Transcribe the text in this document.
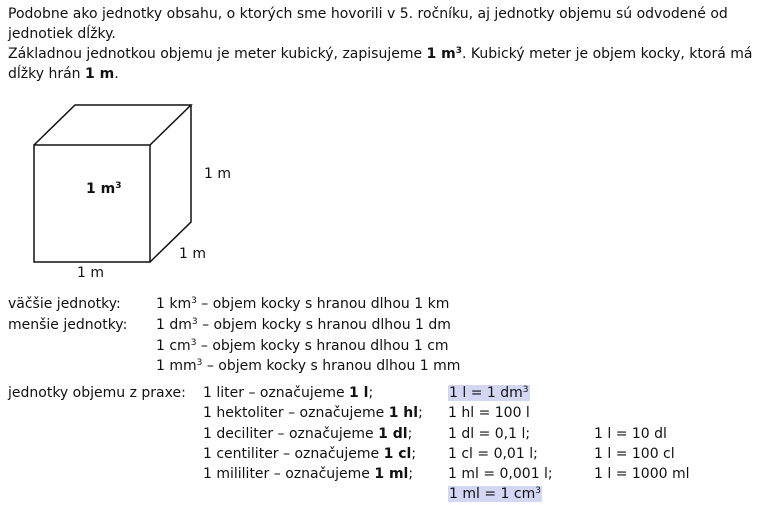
Podobne ako jednotky obsahu, o ktorých sme hovorili v 5. ročníku, aj jednotky objemu sú odvodené od jednotiek dĺžky.

Základnou jednotkou objemu je meter kubický, zapisujeme 1 $m^3$. Kubický meter je objem kocky, ktorá má dĺžky hrán 1 m.

1 $m^3$
1 m
1 m
1 m
väčšie jednotky:	1 $km^3$ – objem kocky s hranou dlhou 1 km
menšie jednotky: 1 $dm^3$ – objem kocky s hranou dlhou 1 dm
1 $cm^3$ – objem kocky s hranou dlhou 1 cm
1 $mm^3$ – objem kocky s hranou dlhou 1 mm
jednotky objemu z praxe: 1 liter – označujeme 1 l;	1 l = 1 $dm^3$
1 hektoliter – označujeme 1 hl; 1 hl = 100 l
1 deciliter – označujeme 1 dl;	1 dl = 0,1 l;	1 l = 10 dl
1 centiliter – označujeme 1 cl; 1 cl = 0,01 l;	1 l = 100 cl
1 mililiter – označujeme 1 ml; 1 ml = 0,001 l;	1 l = 1000 ml
1 ml = 1 $cm^3$
